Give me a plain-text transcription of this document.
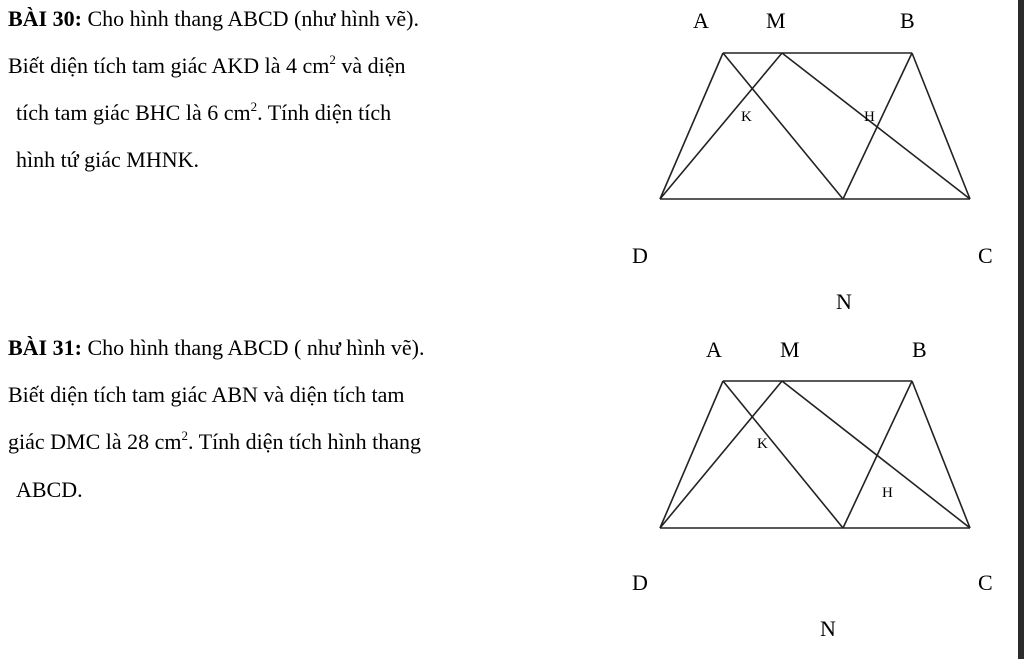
BÀI 30: Cho hình thang ABCD (như hình vẽ).
Biết diện tích tam giác AKD là 4 $cm^2$ và diện
tích tam giác BHC là 6 $cm^2$. Tính diện tích
hình tứ giác MHNK.
A	M	B
D	C
N
K	H
BÀI 31: Cho hình thang ABCD ( như hình vẽ).
Biết diện tích tam giác ABN và diện tích tam
giác DMC là 28 $cm^2$. Tính diện tích hình thang
ABCD.
A	M	B
D	C
N
K
H
